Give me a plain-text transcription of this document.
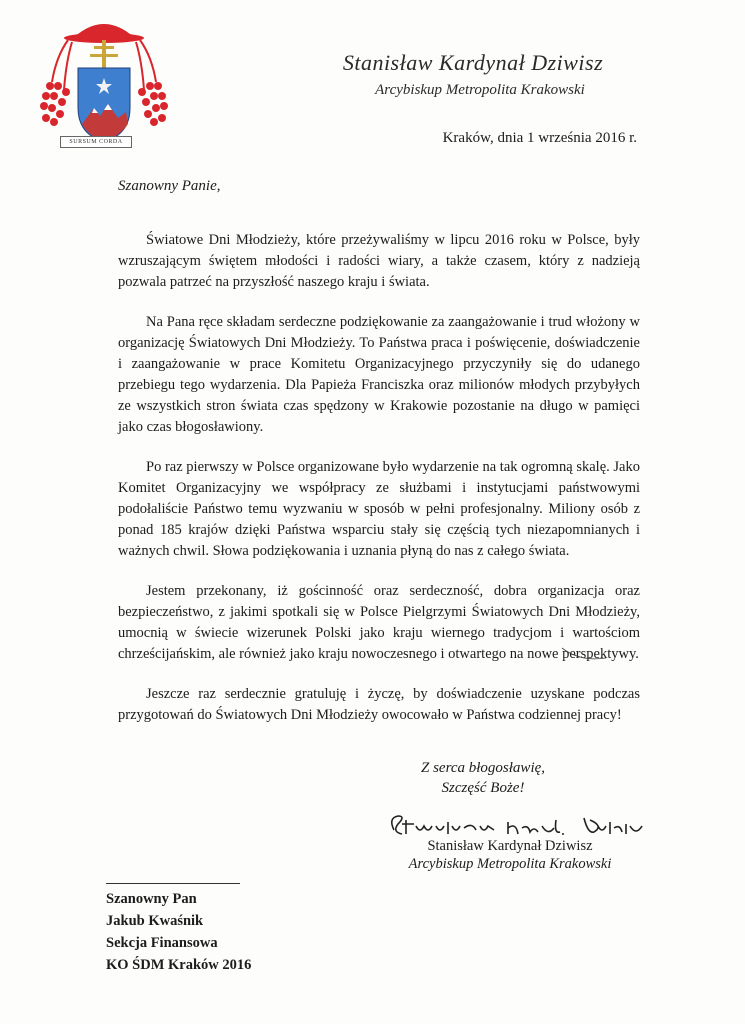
SURSUM CORDA
Stanisław Kardynał Dziwisz
Arcybiskup Metropolita Krakowski
Kraków, dnia 1 września 2016 r.
Szanowny Panie,

Światowe Dni Młodzieży, które przeżywaliśmy w lipcu 2016 roku w Polsce, były wzruszającym świętem młodości i radości wiary, a także czasem, który z nadzieją pozwala patrzeć na przyszłość naszego kraju i świata.

Na Pana ręce składam serdeczne podziękowanie za zaangażowanie i trud włożony w organizację Światowych Dni Młodzieży. To Państwa praca i poświęcenie, doświadczenie i zaangażowanie w prace Komitetu Organizacyjnego przyczyniły się do udanego przebiegu tego wydarzenia. Dla Papieża Franciszka oraz milionów młodych przybyłych ze wszystkich stron świata czas spędzony w Krakowie pozostanie na długo w pamięci jako czas błogosławiony.

Po raz pierwszy w Polsce organizowane było wydarzenie na tak ogromną skalę. Jako Komitet Organizacyjny we współpracy ze służbami i instytucjami państwowymi podołaliście Państwo temu wyzwaniu w sposób w pełni profesjonalny. Miliony osób z ponad 185 krajów dzięki Państwa wsparciu stały się częścią tych niezapomnianych i ważnych chwil. Słowa podziękowania i uznania płyną do nas z całego świata.

Jestem przekonany, iż gościnność oraz serdeczność, dobra organizacja oraz bezpieczeństwo, z jakimi spotkali się w Polsce Pielgrzymi Światowych Dni Młodzieży, umocnią w świecie wizerunek Polski jako kraju wiernego tradycjom i wartościom chrześcijańskim, ale również jako kraju nowoczesnego i otwartego na nowe perspektywy.

Jeszcze raz serdecznie gratuluję i życzę, by doświadczenie uzyskane podczas przygotowań do Światowych Dni Młodzieży owocowało w Państwa codziennej pracy!

Z serca błogosławię,
Szczęść Boże!
Stanisław Kardynał Dziwisz
Arcybiskup Metropolita Krakowski
Szanowny Pan
Jakub Kwaśnik
Sekcja Finansowa
KO ŚDM Kraków 2016
